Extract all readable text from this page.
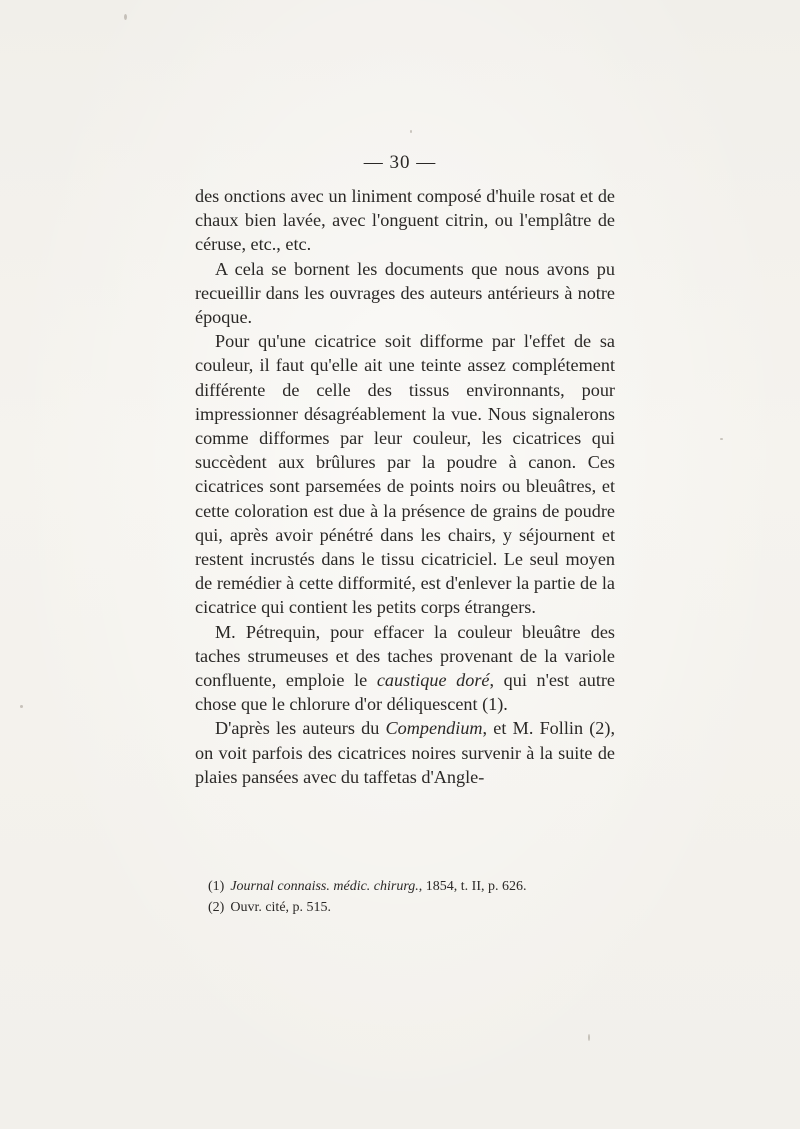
— 30 —

des onctions avec un liniment composé d'huile rosat et de chaux bien lavée, avec l'onguent citrin, ou l'emplâtre de céruse, etc., etc.

A cela se bornent les documents que nous avons pu recueillir dans les ouvrages des auteurs antérieurs à notre époque.

Pour qu'une cicatrice soit difforme par l'effet de sa couleur, il faut qu'elle ait une teinte assez complétement différente de celle des tissus environnants, pour impressionner désagréablement la vue. Nous signalerons comme difformes par leur couleur, les cicatrices qui succèdent aux brûlures par la poudre à canon. Ces cicatrices sont parsemées de points noirs ou bleuâtres, et cette coloration est due à la présence de grains de poudre qui, après avoir pénétré dans les chairs, y séjournent et restent incrustés dans le tissu cicatriciel. Le seul moyen de remédier à cette difformité, est d'enlever la partie de la cicatrice qui contient les petits corps étrangers.

M. Pétrequin, pour effacer la couleur bleuâtre des taches strumeuses et des taches provenant de la variole confluente, emploie le caustique doré, qui n'est autre chose que le chlorure d'or déliquescent (1).

D'après les auteurs du Compendium, et M. Follin (2), on voit parfois des cicatrices noires survenir à la suite de plaies pansées avec du taffetas d'Angle-

(1) Journal connaiss. médic. chirurg., 1854, t. II, p. 626.

(2) Ouvr. cité, p. 515.
